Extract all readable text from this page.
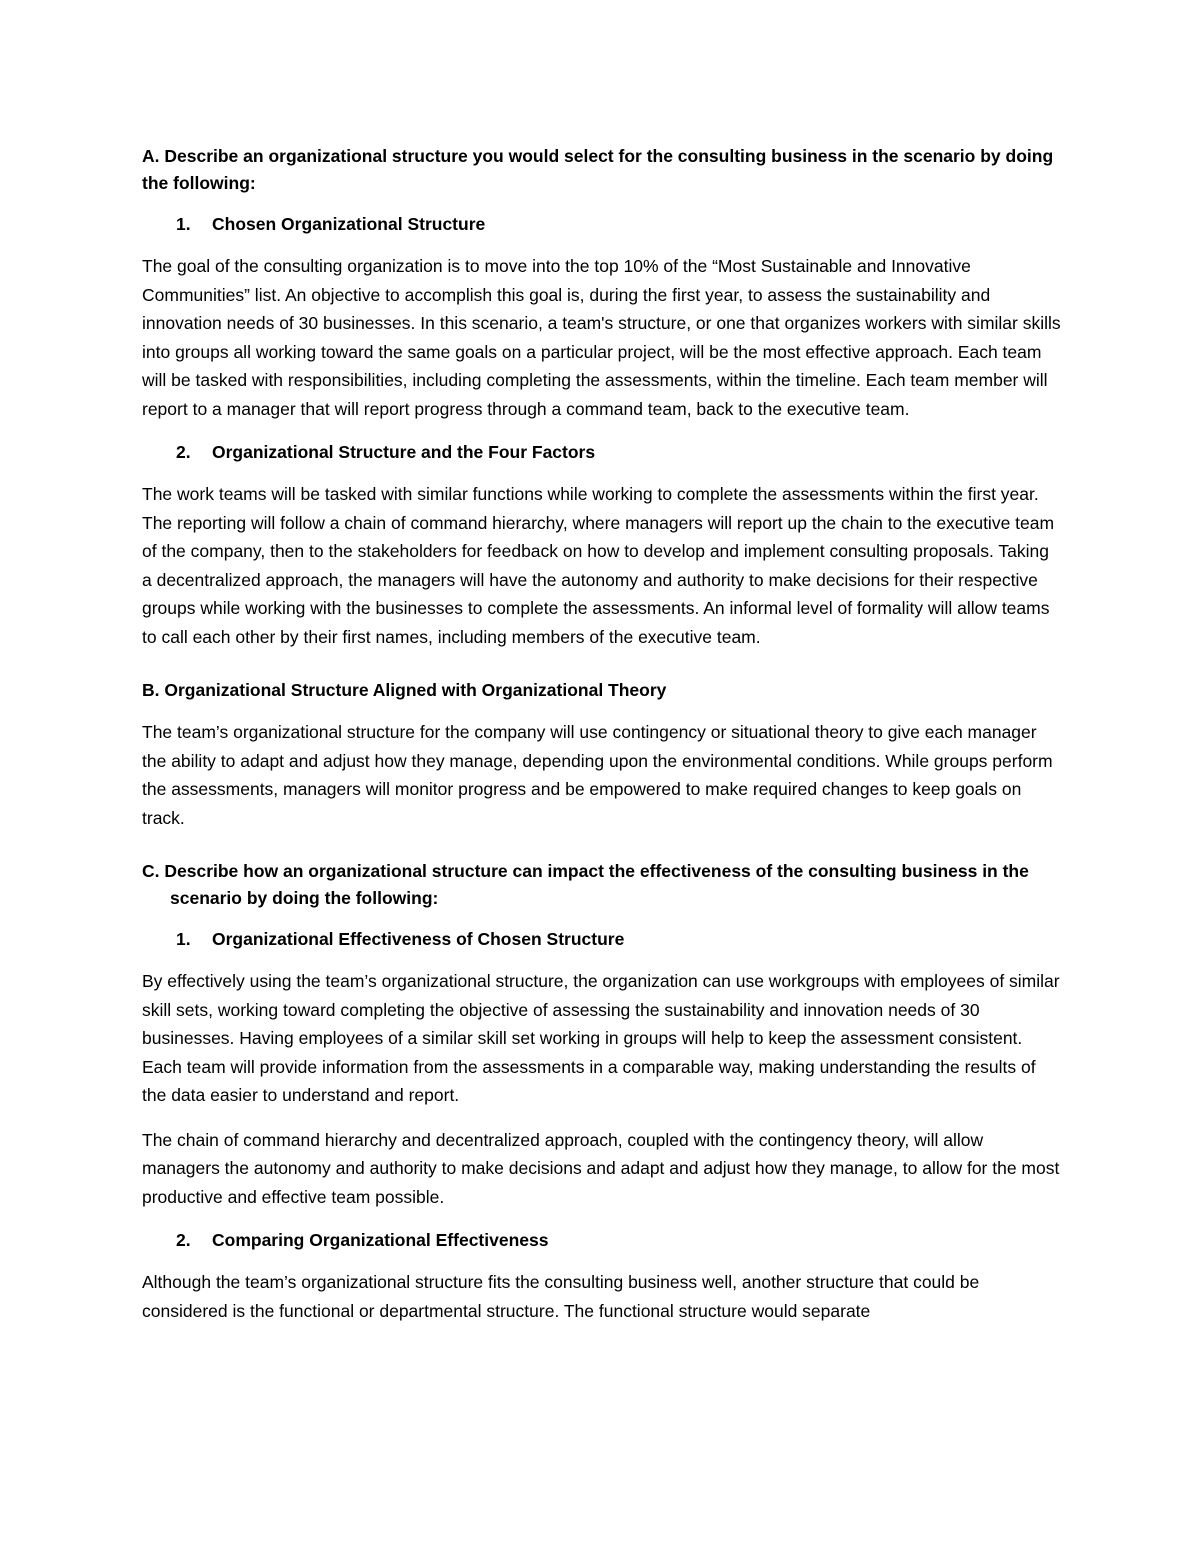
A. Describe an organizational structure you would select for the consulting business in the scenario by doing the following:

1.	Chosen Organizational Structure

The goal of the consulting organization is to move into the top 10% of the “Most Sustainable and Innovative Communities” list. An objective to accomplish this goal is, during the first year, to assess the sustainability and innovation needs of 30 businesses. In this scenario, a team's structure, or one that organizes workers with similar skills into groups all working toward the same goals on a particular project, will be the most effective approach. Each team will be tasked with responsibilities, including completing the assessments, within the timeline. Each team member will report to a manager that will report progress through a command team, back to the executive team.

2.	Organizational Structure and the Four Factors

The work teams will be tasked with similar functions while working to complete the assessments within the first year. The reporting will follow a chain of command hierarchy, where managers will report up the chain to the executive team of the company, then to the stakeholders for feedback on how to develop and implement consulting proposals. Taking a decentralized approach, the managers will have the autonomy and authority to make decisions for their respective groups while working with the businesses to complete the assessments. An informal level of formality will allow teams to call each other by their first names, including members of the executive team.

B. Organizational Structure Aligned with Organizational Theory

The team’s organizational structure for the company will use contingency or situational theory to give each manager the ability to adapt and adjust how they manage, depending upon the environmental conditions. While groups perform the assessments, managers will monitor progress and be empowered to make required changes to keep goals on track.

C. Describe how an organizational structure can impact the effectiveness of the consulting business in the scenario by doing the following:

1.	Organizational Effectiveness of Chosen Structure

By effectively using the team’s organizational structure, the organization can use workgroups with employees of similar skill sets, working toward completing the objective of assessing the sustainability and innovation needs of 30 businesses. Having employees of a similar skill set working in groups will help to keep the assessment consistent. Each team will provide information from the assessments in a comparable way, making understanding the results of the data easier to understand and report.

The chain of command hierarchy and decentralized approach, coupled with the contingency theory, will allow managers the autonomy and authority to make decisions and adapt and adjust how they manage, to allow for the most productive and effective team possible.

2.	Comparing Organizational Effectiveness

Although the team’s organizational structure fits the consulting business well, another structure that could be considered is the functional or departmental structure. The functional structure would separate
